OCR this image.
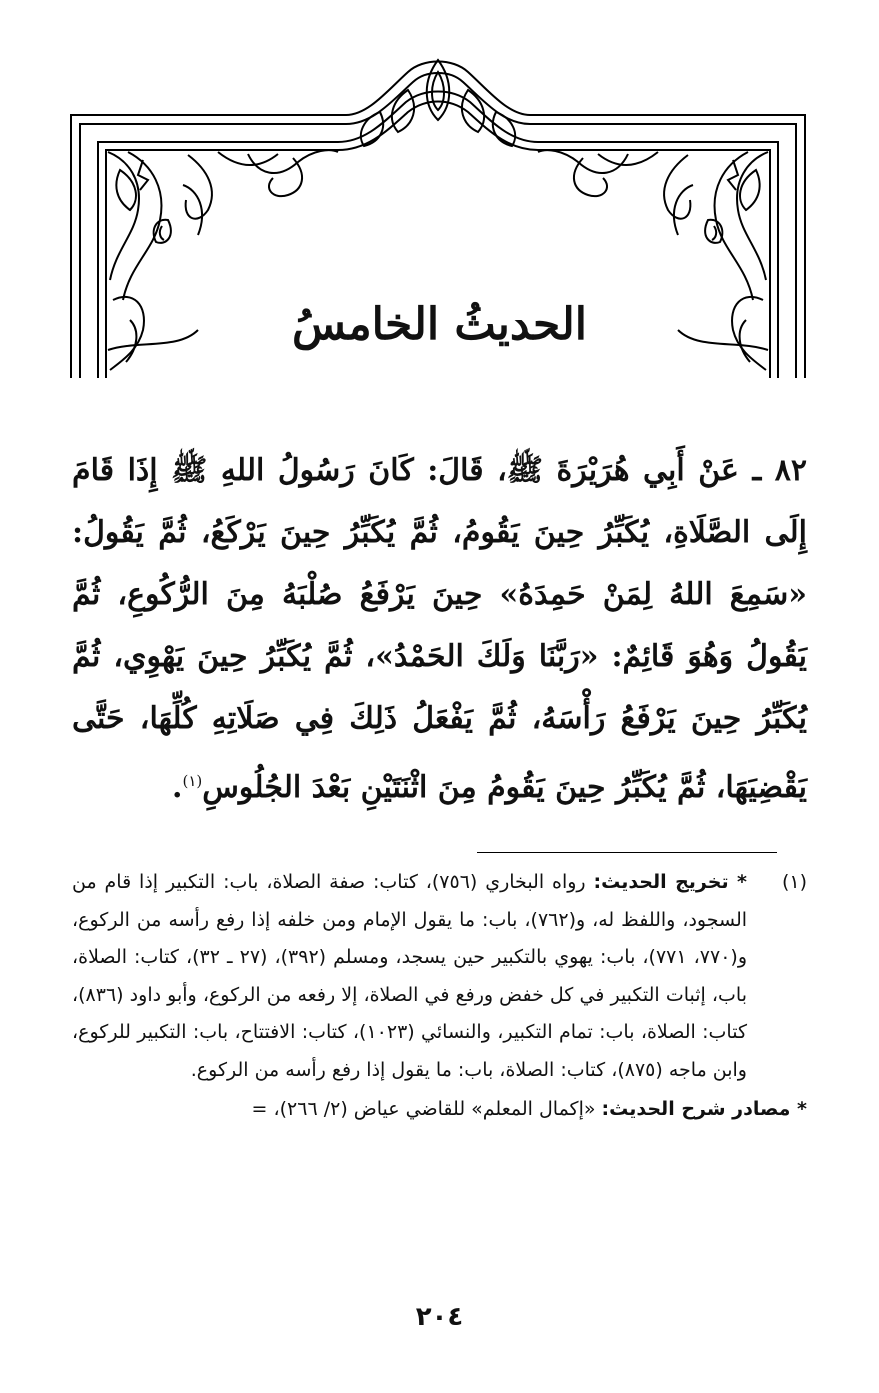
الحديثُ الخامسُ
٨٢ ـ عَنْ أَبِي هُرَيْرَةَ ﷺ، قَالَ: كَانَ رَسُولُ اللهِ ﷺ إِذَا قَامَ إِلَى الصَّلَاةِ، يُكَبِّرُ حِينَ يَقُومُ، ثُمَّ يُكَبِّرُ حِينَ يَرْكَعُ، ثُمَّ يَقُولُ: «سَمِعَ اللهُ لِمَنْ حَمِدَهُ» حِينَ يَرْفَعُ صُلْبَهُ مِنَ الرُّكُوعِ، ثُمَّ يَقُولُ وَهُوَ قَائِمٌ: «رَبَّنَا وَلَكَ الحَمْدُ»، ثُمَّ يُكَبِّرُ حِينَ يَهْوِي، ثُمَّ يُكَبِّرُ حِينَ يَرْفَعُ رَأْسَهُ، ثُمَّ يَفْعَلُ ذَلِكَ فِي صَلَاتِهِ كُلِّهَا، حَتَّى يَقْضِيَهَا، ثُمَّ يُكَبِّرُ حِينَ يَقُومُ مِنَ اثْنَتَيْنِ بَعْدَ الجُلُوسِ$^{(١)}$.
(١)
* تخريج الحديث: رواه البخاري (٧٥٦)، كتاب: صفة الصلاة، باب: التكبير إذا قام من السجود، واللفظ له، و(٧٦٢)، باب: ما يقول الإمام ومن خلفه إذا رفع رأسه من الركوع، و(٧٧٠، ٧٧١)، باب: يهوي بالتكبير حين يسجد، ومسلم (٣٩٢)، (٢٧ ـ ٣٢)، كتاب: الصلاة، باب، إثبات التكبير في كل خفض ورفع في الصلاة، إلا رفعه من الركوع، وأبو داود (٨٣٦)، كتاب: الصلاة، باب: تمام التكبير، والنسائي (١٠٢٣)، كتاب: الافتتاح، باب: التكبير للركوع، وابن ماجه (٨٧٥)، كتاب: الصلاة، باب: ما يقول إذا رفع رأسه من الركوع.
* مصادر شرح الحديث: «إكمال المعلم» للقاضي عياض (٢/ ٢٦٦)، =
٢٠٤
